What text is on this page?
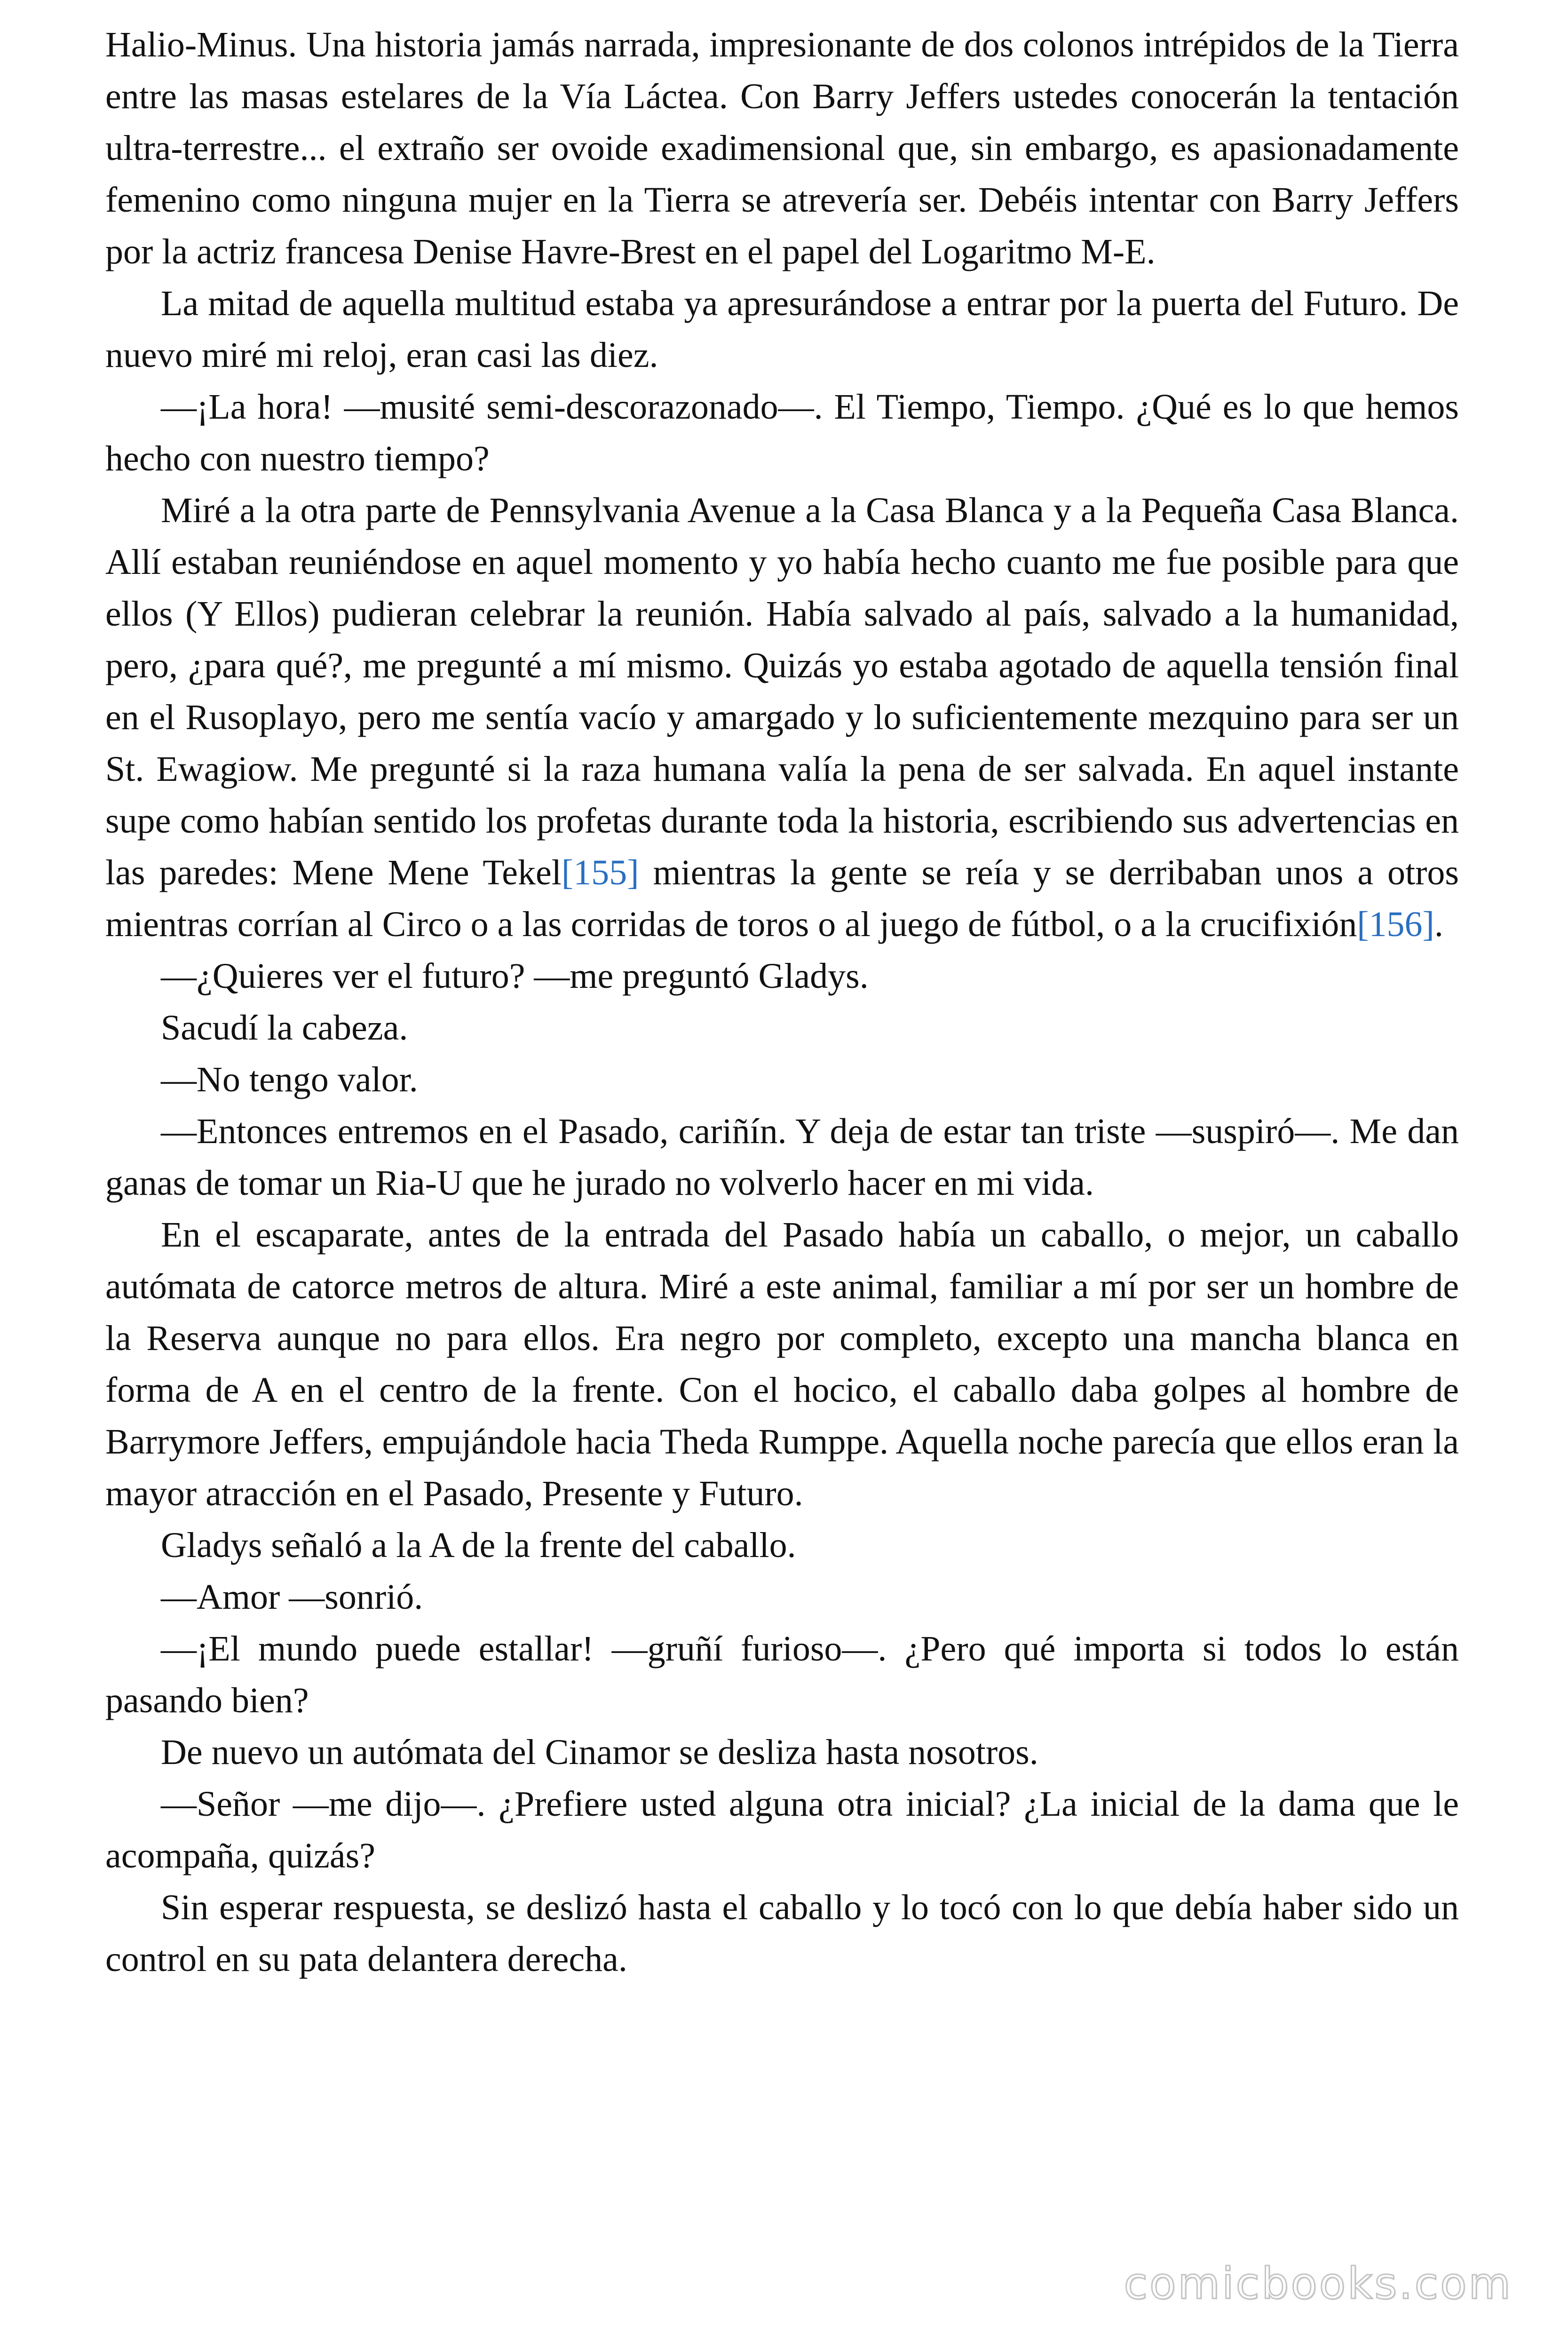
Halio-Minus. Una historia jamás narrada, impresionante de dos colonos intrépidos de la Tierra entre las masas estelares de la Vía Láctea. Con Barry Jeffers ustedes conocerán la tentación ultra-terrestre... el extraño ser ovoide exadimensional que, sin embargo, es apasionadamente femenino como ninguna mujer en la Tierra se atrevería ser. Debéis intentar con Barry Jeffers por la actriz francesa Denise Havre-Brest en el papel del Logaritmo M-E.

La mitad de aquella multitud estaba ya apresurándose a entrar por la puerta del Futuro. De nuevo miré mi reloj, eran casi las diez.

—¡La hora! —musité semi-descorazonado—. El Tiempo, Tiempo. ¿Qué es lo que hemos hecho con nuestro tiempo?

Miré a la otra parte de Pennsylvania Avenue a la Casa Blanca y a la Pequeña Casa Blanca. Allí estaban reuniéndose en aquel momento y yo había hecho cuanto me fue posible para que ellos (Y Ellos) pudieran celebrar la reunión. Había salvado al país, salvado a la humanidad, pero, ¿para qué?, me pregunté a mí mismo. Quizás yo estaba agotado de aquella tensión final en el Rusoplayo, pero me sentía vacío y amargado y lo suficientemente mezquino para ser un St. Ewagiow. Me pregunté si la raza humana valía la pena de ser salvada. En aquel instante supe como habían sentido los profetas durante toda la historia, escribiendo sus advertencias en las paredes: Mene Mene Tekel[155] mientras la gente se reía y se derribaban unos a otros mientras corrían al Circo o a las corridas de toros o al juego de fútbol, o a la crucifixión[156].

—¿Quieres ver el futuro? —me preguntó Gladys.

Sacudí la cabeza.

—No tengo valor.

—Entonces entremos en el Pasado, cariñín. Y deja de estar tan triste —suspiró—. Me dan ganas de tomar un Ria-U que he jurado no volverlo hacer en mi vida.

En el escaparate, antes de la entrada del Pasado había un caballo, o mejor, un caballo autómata de catorce metros de altura. Miré a este animal, familiar a mí por ser un hombre de la Reserva aunque no para ellos. Era negro por completo, excepto una mancha blanca en forma de A en el centro de la frente. Con el hocico, el caballo daba golpes al hombre de Barrymore Jeffers, empujándole hacia Theda Rumppe. Aquella noche parecía que ellos eran la mayor atracción en el Pasado, Presente y Futuro.

Gladys señaló a la A de la frente del caballo.

—Amor —sonrió.

—¡El mundo puede estallar! —gruñí furioso—. ¿Pero qué importa si todos lo están pasando bien?

De nuevo un autómata del Cinamor se desliza hasta nosotros.

—Señor —me dijo—. ¿Prefiere usted alguna otra inicial? ¿La inicial de la dama que le acompaña, quizás?

Sin esperar respuesta, se deslizó hasta el caballo y lo tocó con lo que debía haber sido un control en su pata delantera derecha.

comicbooks.com
